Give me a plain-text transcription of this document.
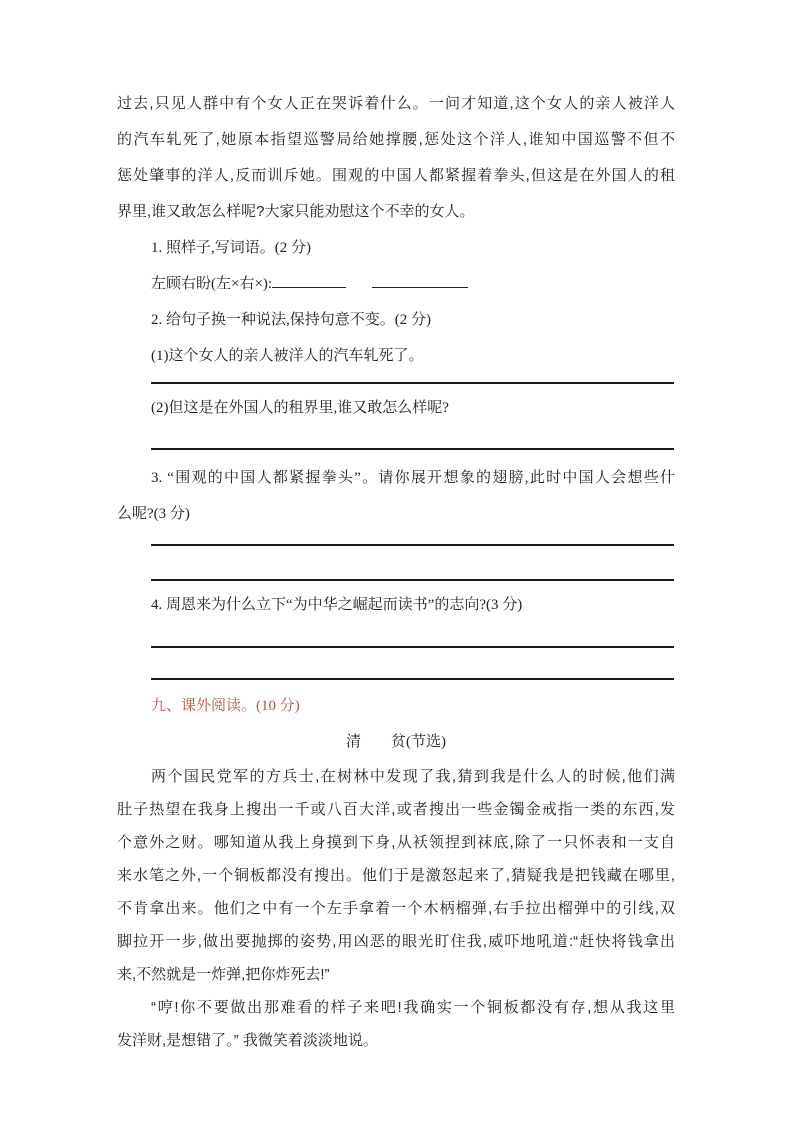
过去,只见人群中有个女人正在哭诉着什么。一问才知道,这个女人的亲人被洋人
的汽车轧死了,她原本指望巡警局给她撑腰,惩处这个洋人,谁知中国巡警不但不
惩处肇事的洋人,反而训斥她。围观的中国人都紧握着拳头,但这是在外国人的租
界里,谁又敢怎么样呢?大家只能劝慰这个不幸的女人。
1. 照样子,写词语。(2 分)
左顾右盼(左×右×):
2. 给句子换一种说法,保持句意不变。(2 分)
(1)这个女人的亲人被洋人的汽车轧死了。
(2)但这是在外国人的租界里,谁又敢怎么样呢?
3. “围观的中国人都紧握拳头”。请你展开想象的翅膀,此时中国人会想些什
么呢?(3 分)
4. 周恩来为什么立下“为中华之崛起而读书”的志向?(3 分)
九、课外阅读。(10 分)
清　　贫(节选)
两个国民党军的方兵士,在树林中发现了我,猜到我是什么人的时候,他们满
肚子热望在我身上搜出一千或八百大洋,或者搜出一些金镯金戒指一类的东西,发
个意外之财。哪知道从我上身摸到下身,从袄领捏到袜底,除了一只怀表和一支自
来水笔之外,一个铜板都没有搜出。他们于是激怒起来了,猜疑我是把钱藏在哪里,
不肯拿出来。他们之中有一个左手拿着一个木柄榴弹,右手拉出榴弹中的引线,双
脚拉开一步,做出要抛掷的姿势,用凶恶的眼光盯住我,威吓地吼道:“赶快将钱拿出
来,不然就是一炸弹,把你炸死去!”
“哼!你不要做出那难看的样子来吧!我确实一个铜板都没有存,想从我这里
发洋财,是想错了。” 我微笑着淡淡地说。
